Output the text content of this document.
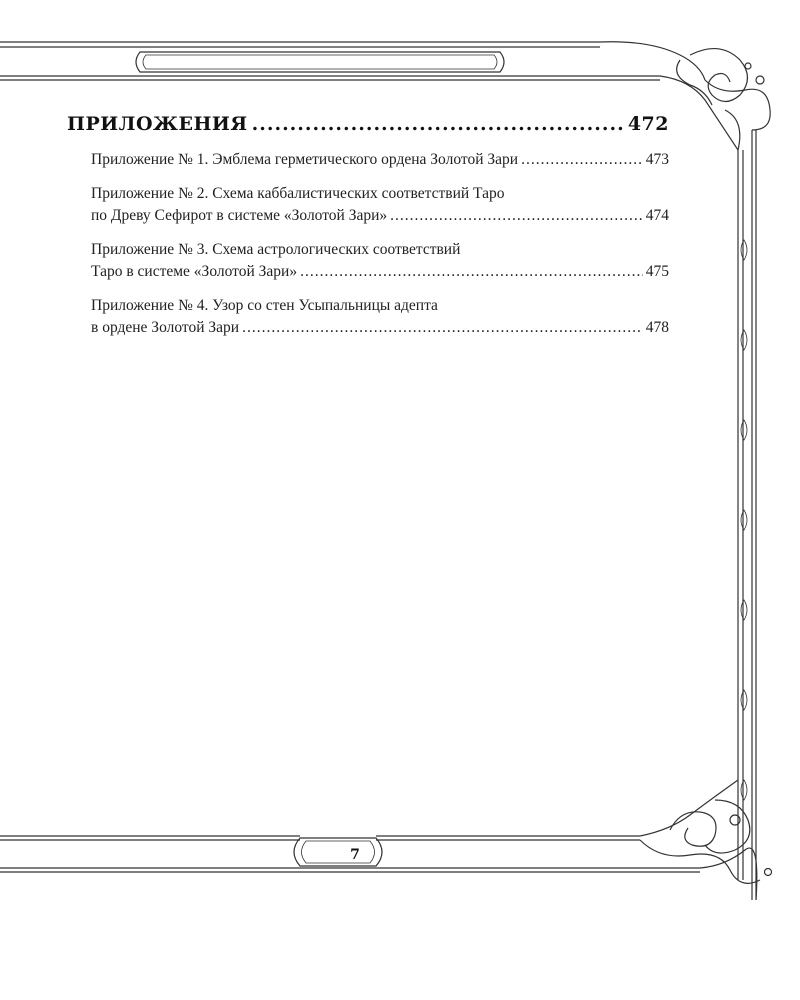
ПРИЛОЖЕНИЯ .....	472
Приложение № 1. Эмблема герметического ордена Золотой Зари .....	473
Приложение № 2. Схема каббалистических соответствий Таро
по Древу Сефирот в системе «Золотой Зари» .....	474
Приложение № 3. Схема астрологических соответствий
Таро в системе «Золотой Зари» .....	475
Приложение № 4. Узор со стен Усыпальницы адепта
в ордене Золотой Зари .....	478
7
